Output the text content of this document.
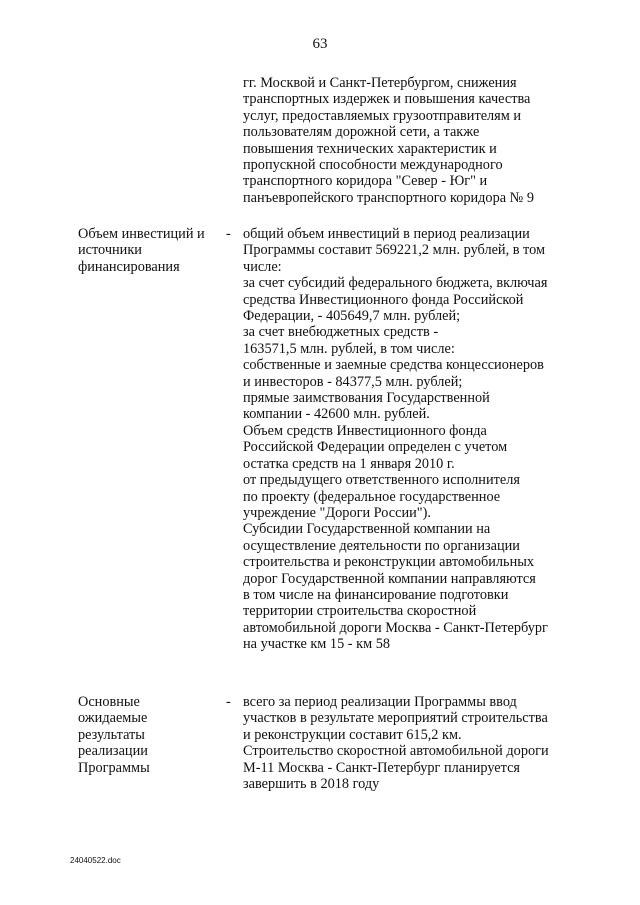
63
гг. Москвой и Санкт-Петербургом, снижения
транспортных издержек и повышения качества
услуг, предоставляемых грузоотправителям и
пользователям дорожной сети, а также
повышения технических характеристик и
пропускной способности международного
транспортного коридора "Север - Юг" и
панъевропейского транспортного коридора № 9
Объем инвестиций и
источники
финансирования
- общий объем инвестиций в период реализации
Программы составит 569221,2 млн. рублей, в том
числе:
за счет субсидий федерального бюджета, включая
средства Инвестиционного фонда Российской
Федерации, - 405649,7 млн. рублей;
за счет внебюджетных средств -
163571,5 млн. рублей, в том числе:
собственные и заемные средства концессионеров
и инвесторов - 84377,5 млн. рублей;
прямые заимствования Государственной
компании - 42600 млн. рублей.
Объем средств Инвестиционного фонда
Российской Федерации определен с учетом
остатка средств на 1 января 2010 г.
от предыдущего ответственного исполнителя
по проекту (федеральное государственное
учреждение "Дороги России").
Субсидии Государственной компании на
осуществление деятельности по организации
строительства и реконструкции автомобильных
дорог Государственной компании направляются
в том числе на финансирование подготовки
территории строительства скоростной
автомобильной дороги Москва - Санкт-Петербург
на участке км 15 - км 58
Основные
ожидаемые
результаты
реализации
Программы
- всего за период реализации Программы ввод
участков в результате мероприятий строительства
и реконструкции составит 615,2 км.
Строительство скоростной автомобильной дороги
М-11 Москва - Санкт-Петербург планируется
завершить в 2018 году
24040522.doc
